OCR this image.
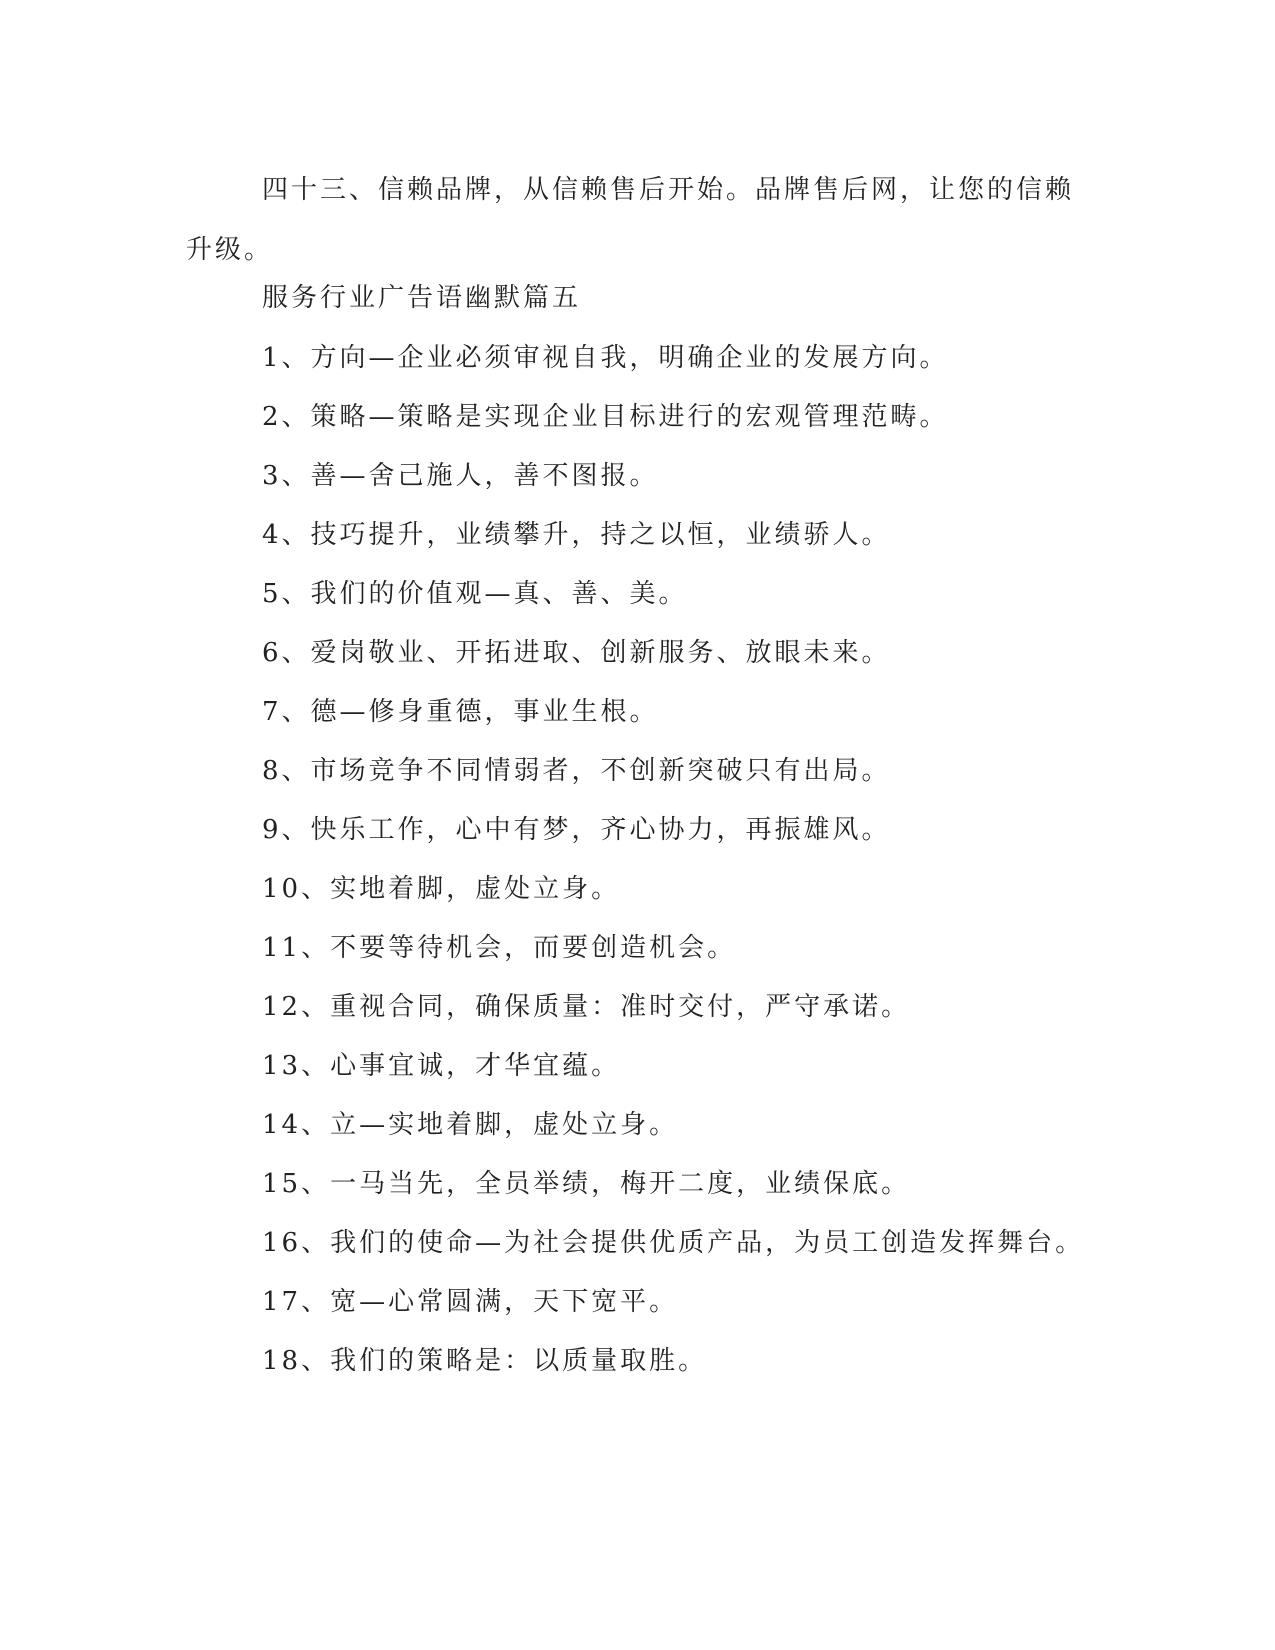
四十三、信赖品牌，从信赖售后开始。品牌售后网，让您的信赖升级。

服务行业广告语幽默篇五
1、方向—企业必须审视自我，明确企业的发展方向。
2、策略—策略是实现企业目标进行的宏观管理范畴。
3、善—舍己施人，善不图报。
4、技巧提升，业绩攀升，持之以恒，业绩骄人。
5、我们的价值观—真、善、美。
6、爱岗敬业、开拓进取、创新服务、放眼未来。
7、德—修身重德，事业生根。
8、市场竞争不同情弱者，不创新突破只有出局。
9、快乐工作，心中有梦，齐心协力，再振雄风。
10、实地着脚，虚处立身。
11、不要等待机会，而要创造机会。
12、重视合同，确保质量：准时交付，严守承诺。
13、心事宜诚，才华宜蕴。
14、立—实地着脚，虚处立身。
15、一马当先，全员举绩，梅开二度，业绩保底。
16、我们的使命—为社会提供优质产品，为员工创造发挥舞台。
17、宽—心常圆满，天下宽平。
18、我们的策略是：以质量取胜。
